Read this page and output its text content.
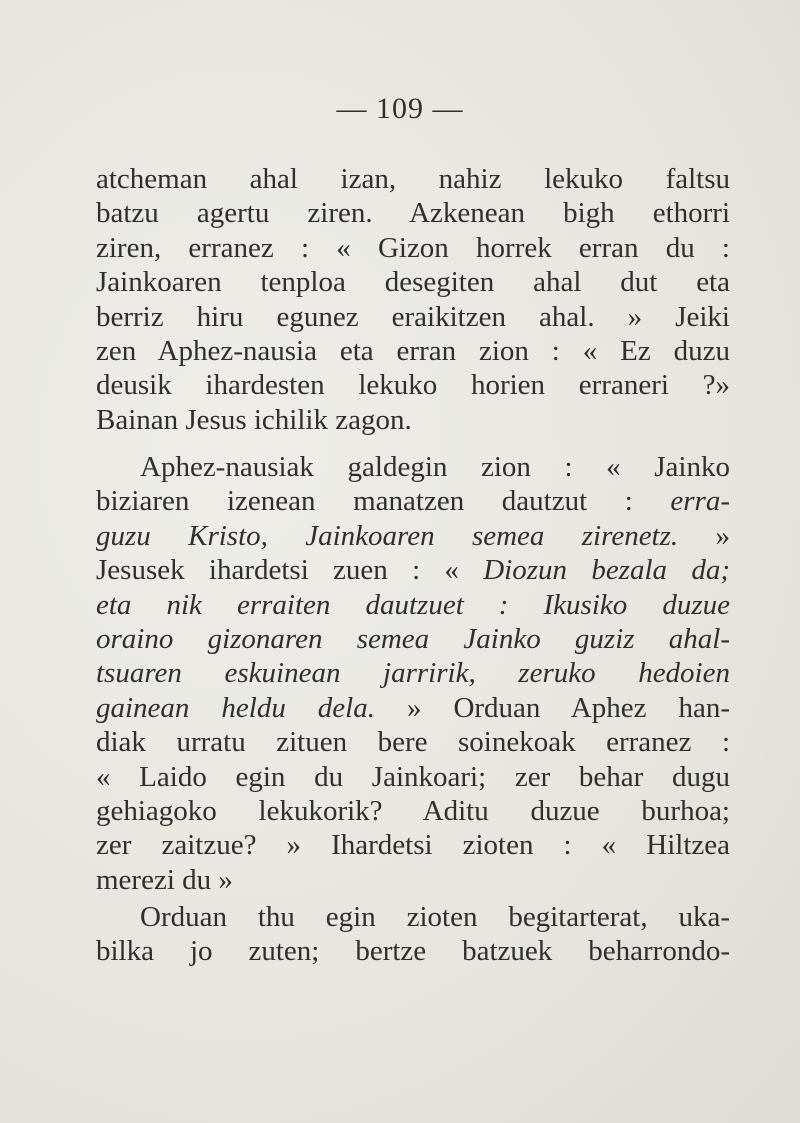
— 109 —
atcheman ahal izan, nahiz lekuko faltsu
batzu agertu ziren. Azkenean bigh ethorri
ziren, erranez : « Gizon horrek erran du :
Jainkoaren tenploa desegiten ahal dut eta
berriz hiru egunez eraikitzen ahal. » Jeiki
zen Aphez-nausia eta erran zion : « Ez duzu
deusik ihardesten lekuko horien erraneri ?»
Bainan Jesus ichilik zagon.
Aphez-nausiak galdegin zion : « Jainko
biziaren izenean manatzen dautzut : erra-
guzu Kristo, Jainkoaren semea zirenetz. »
Jesusek ihardetsi zuen : « Diozun bezala da;
eta nik erraiten dautzuet : Ikusiko duzue
oraino gizonaren semea Jainko guziz ahal-
tsuaren eskuinean jarririk, zeruko hedoien
gainean heldu dela. » Orduan Aphez han-
diak urratu zituen bere soinekoak erranez :
« Laido egin du Jainkoari; zer behar dugu
gehiagoko lekukorik? Aditu duzue burhoa;
zer zaitzue? » Ihardetsi zioten : « Hiltzea
merezi du »
Orduan thu egin zioten begitarterat, uka-
bilka jo zuten; bertze batzuek beharrondo-
